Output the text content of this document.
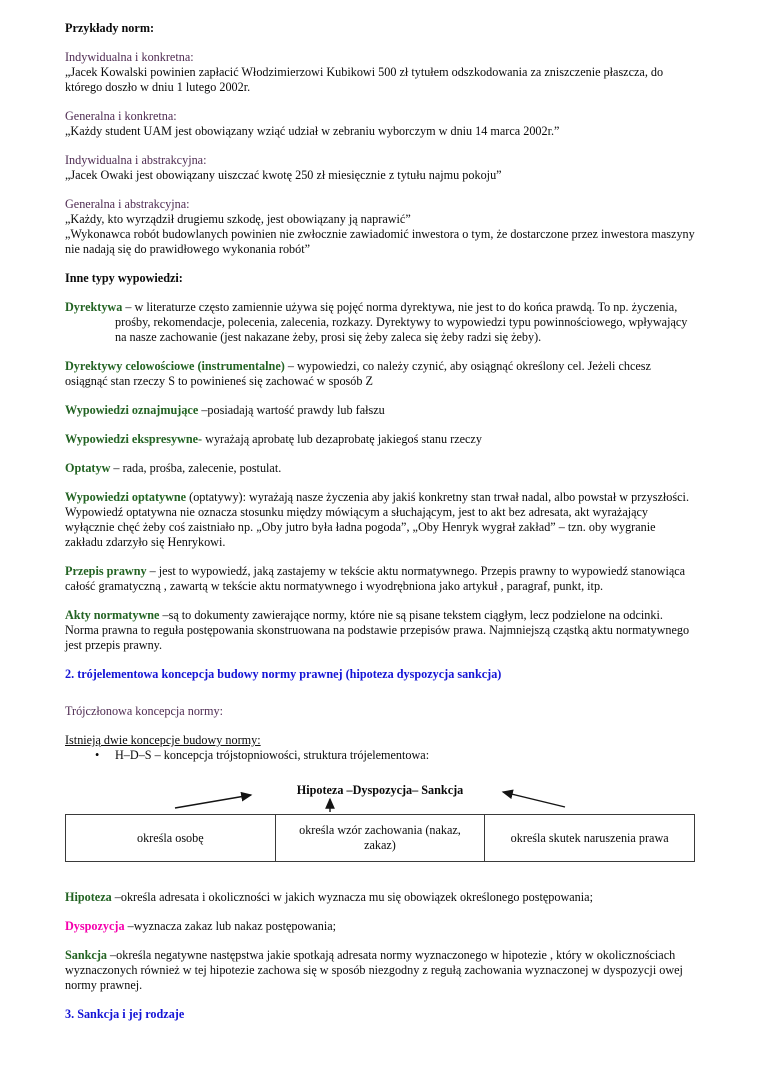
Przykłady norm:
Indywidualna i konkretna:
„Jacek Kowalski powinien zapłacić Włodzimierzowi Kubikowi 500 zł tytułem odszkodowania za zniszczenie płaszcza, do którego doszło w dniu 1 lutego 2002r.
Generalna i konkretna:
„Każdy student UAM jest obowiązany wziąć udział w zebraniu wyborczym w dniu 14 marca 2002r.”
Indywidualna i abstrakcyjna:
„Jacek Owaki jest obowiązany uiszczać kwotę 250 zł miesięcznie z tytułu najmu pokoju”
Generalna i abstrakcyjna:
„Każdy, kto wyrządził drugiemu szkodę, jest obowiązany ją naprawić”
„Wykonawca robót budowlanych powinien nie zwłocznie zawiadomić inwestora o tym, że dostarczone przez inwestora maszyny nie nadają się do prawidłowego wykonania robót”
Inne typy wypowiedzi:
Dyrektywa – w literaturze często zamiennie używa się pojęć norma dyrektywa, nie jest to do końca prawdą. To np. życzenia, prośby, rekomendacje, polecenia, zalecenia, rozkazy. Dyrektywy to wypowiedzi typu powinnościowego, wpływający na nasze zachowanie (jest nakazane żeby, prosi się żeby zaleca się żeby radzi się żeby).
Dyrektywy celowościowe (instrumentalne) – wypowiedzi, co należy czynić, aby osiągnąć określony cel. Jeżeli chcesz osiągnąć stan rzeczy S to powinieneś się zachować w sposób Z
Wypowiedzi oznajmujące –posiadają wartość prawdy lub fałszu
Wypowiedzi ekspresywne- wyrażają aprobatę lub dezaprobatę jakiegoś stanu rzeczy
Optatyw – rada, prośba, zalecenie, postulat.
Wypowiedzi optatywne (optatywy): wyrażają nasze życzenia aby jakiś konkretny stan trwał nadal, albo powstał w przyszłości. Wypowiedź optatywna nie oznacza stosunku między mówiącym a słuchającym, jest to akt bez adresata, akt wyrażający wyłącznie chęć żeby coś zaistniało np. „Oby jutro była ładna pogoda”, „Oby Henryk wygrał zakład” – tzn. oby wygranie zakładu zdarzyło się Henrykowi.
Przepis prawny – jest to wypowiedź, jaką zastajemy w tekście aktu normatywnego. Przepis prawny to wypowiedź stanowiąca całość gramatyczną , zawartą w tekście aktu normatywnego i wyodrębniona jako artykuł , paragraf, punkt, itp.
Akty normatywne –są to dokumenty zawierające normy, które nie są pisane tekstem ciągłym, lecz podzielone na odcinki. Norma prawna to reguła postępowania skonstruowana na podstawie przepisów prawa. Najmniejszą cząstką aktu normatywnego jest przepis prawny.
2. trójelementowa koncepcja budowy normy prawnej (hipoteza dyspozycja sankcja)
Trójczłonowa koncepcja normy:
Istnieją dwie koncepcje budowy normy:
•	H–D–S – koncepcja trójstopniowości, struktura trójelementowa:
Hipoteza –Dyspozycja– Sankcja
określa osobę	określa wzór zachowania (nakaz, zakaz)	określa skutek naruszenia prawa
Hipoteza –określa adresata i okoliczności w jakich wyznacza mu się obowiązek określonego postępowania;
Dyspozycja –wyznacza zakaz lub nakaz postępowania;
Sankcja –określa negatywne następstwa jakie spotkają adresata normy wyznaczonego w hipotezie , który w okolicznościach wyznaczonych również w tej hipotezie zachowa się w sposób niezgodny z regułą zachowania wyznaczonej w dyspozycji owej normy prawnej.
3. Sankcja i jej rodzaje
